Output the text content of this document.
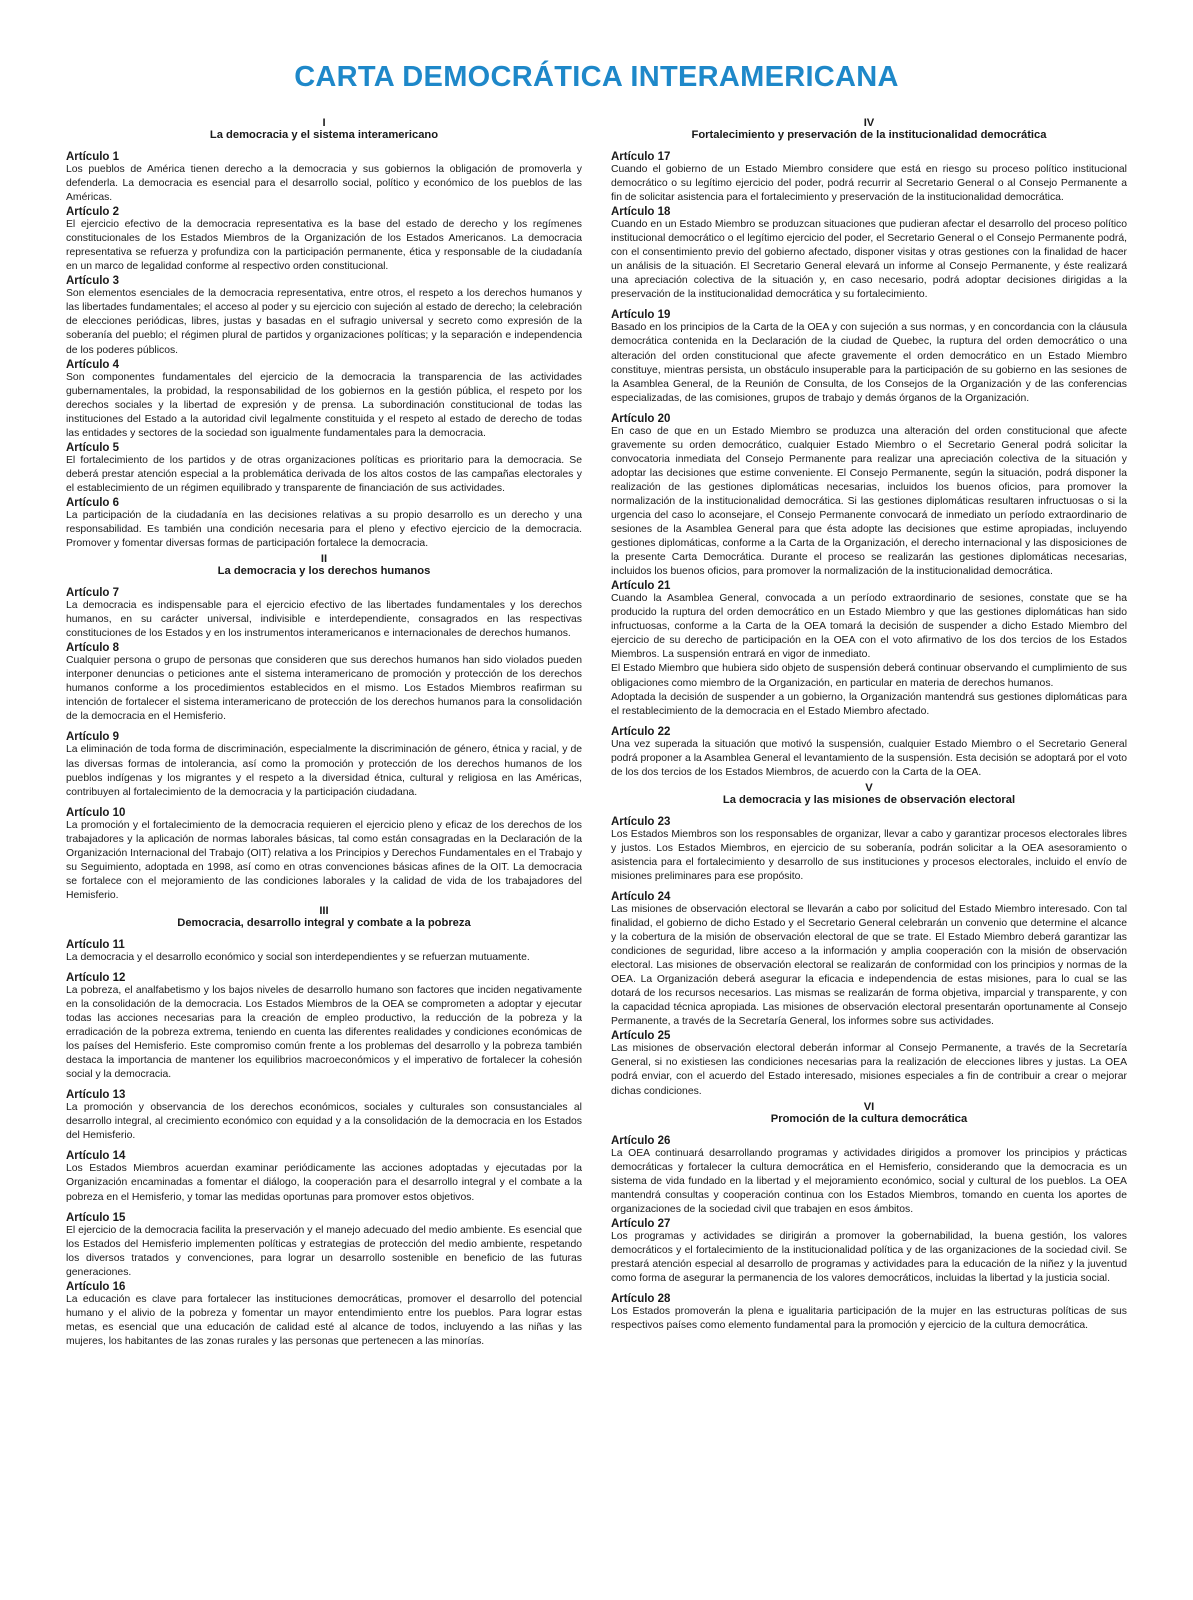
CARTA DEMOCRÁTICA INTERAMERICANA
I
La democracia y el sistema interamericano
Artículo 1

Los pueblos de América tienen derecho a la democracia y sus gobiernos la obligación de promoverla y defenderla. La democracia es esencial para el desarrollo social, político y económico de los pueblos de las Américas.

Artículo 2

El ejercicio efectivo de la democracia representativa es la base del estado de derecho y los regímenes constitucionales de los Estados Miembros de la Organización de los Estados Americanos. La democracia representativa se refuerza y profundiza con la participación permanente, ética y responsable de la ciudadanía en un marco de legalidad conforme al respectivo orden constitucional.

Artículo 3

Son elementos esenciales de la democracia representativa, entre otros, el respeto a los derechos humanos y las libertades fundamentales; el acceso al poder y su ejercicio con sujeción al estado de derecho; la celebración de elecciones periódicas, libres, justas y basadas en el sufragio universal y secreto como expresión de la soberanía del pueblo; el régimen plural de partidos y organizaciones políticas; y la separación e independencia de los poderes públicos.

Artículo 4

Son componentes fundamentales del ejercicio de la democracia la transparencia de las actividades gubernamentales, la probidad, la responsabilidad de los gobiernos en la gestión pública, el respeto por los derechos sociales y la libertad de expresión y de prensa. La subordinación constitucional de todas las instituciones del Estado a la autoridad civil legalmente constituida y el respeto al estado de derecho de todas las entidades y sectores de la sociedad son igualmente fundamentales para la democracia.

Artículo 5

El fortalecimiento de los partidos y de otras organizaciones políticas es prioritario para la democracia. Se deberá prestar atención especial a la problemática derivada de los altos costos de las campañas electorales y el establecimiento de un régimen equilibrado y transparente de financiación de sus actividades.

Artículo 6

La participación de la ciudadanía en las decisiones relativas a su propio desarrollo es un derecho y una responsabilidad. Es también una condición necesaria para el pleno y efectivo ejercicio de la democracia. Promover y fomentar diversas formas de participación fortalece la democracia.

II
La democracia y los derechos humanos
Artículo 7

La democracia es indispensable para el ejercicio efectivo de las libertades fundamentales y los derechos humanos, en su carácter universal, indivisible e interdependiente, consagrados en las respectivas constituciones de los Estados y en los instrumentos interamericanos e internacionales de derechos humanos.

Artículo 8

Cualquier persona o grupo de personas que consideren que sus derechos humanos han sido violados pueden interponer denuncias o peticiones ante el sistema interamericano de promoción y protección de los derechos humanos conforme a los procedimientos establecidos en el mismo. Los Estados Miembros reafirman su intención de fortalecer el sistema interamericano de protección de los derechos humanos para la consolidación de la democracia en el Hemisferio.

Artículo 9

La eliminación de toda forma de discriminación, especialmente la discriminación de género, étnica y racial, y de las diversas formas de intolerancia, así como la promoción y protección de los derechos humanos de los pueblos indígenas y los migrantes y el respeto a la diversidad étnica, cultural y religiosa en las Américas, contribuyen al fortalecimiento de la democracia y la participación ciudadana.

Artículo 10

La promoción y el fortalecimiento de la democracia requieren el ejercicio pleno y eficaz de los derechos de los trabajadores y la aplicación de normas laborales básicas, tal como están consagradas en la Declaración de la Organización Internacional del Trabajo (OIT) relativa a los Principios y Derechos Fundamentales en el Trabajo y su Seguimiento, adoptada en 1998, así como en otras convenciones básicas afines de la OIT. La democracia se fortalece con el mejoramiento de las condiciones laborales y la calidad de vida de los trabajadores del Hemisferio.

III
Democracia, desarrollo integral y combate a la pobreza
Artículo 11

La democracia y el desarrollo económico y social son interdependientes y se refuerzan mutuamente.

Artículo 12

La pobreza, el analfabetismo y los bajos niveles de desarrollo humano son factores que inciden negativamente en la consolidación de la democracia. Los Estados Miembros de la OEA se comprometen a adoptar y ejecutar todas las acciones necesarias para la creación de empleo productivo, la reducción de la pobreza y la erradicación de la pobreza extrema, teniendo en cuenta las diferentes realidades y condiciones económicas de los países del Hemisferio. Este compromiso común frente a los problemas del desarrollo y la pobreza también destaca la importancia de mantener los equilibrios macroeconómicos y el imperativo de fortalecer la cohesión social y la democracia.

Artículo 13

La promoción y observancia de los derechos económicos, sociales y culturales son consustanciales al desarrollo integral, al crecimiento económico con equidad y a la consolidación de la democracia en los Estados del Hemisferio.

Artículo 14

Los Estados Miembros acuerdan examinar periódicamente las acciones adoptadas y ejecutadas por la Organización encaminadas a fomentar el diálogo, la cooperación para el desarrollo integral y el combate a la pobreza en el Hemisferio, y tomar las medidas oportunas para promover estos objetivos.

Artículo 15

El ejercicio de la democracia facilita la preservación y el manejo adecuado del medio ambiente. Es esencial que los Estados del Hemisferio implementen políticas y estrategias de protección del medio ambiente, respetando los diversos tratados y convenciones, para lograr un desarrollo sostenible en beneficio de las futuras generaciones.

Artículo 16

La educación es clave para fortalecer las instituciones democráticas, promover el desarrollo del potencial humano y el alivio de la pobreza y fomentar un mayor entendimiento entre los pueblos. Para lograr estas metas, es esencial que una educación de calidad esté al alcance de todos, incluyendo a las niñas y las mujeres, los habitantes de las zonas rurales y las personas que pertenecen a las minorías.

IV
Fortalecimiento y preservación de la institucionalidad democrática
Artículo 17

Cuando el gobierno de un Estado Miembro considere que está en riesgo su proceso político institucional democrático o su legítimo ejercicio del poder, podrá recurrir al Secretario General o al Consejo Permanente a fin de solicitar asistencia para el fortalecimiento y preservación de la institucionalidad democrática.

Artículo 18

Cuando en un Estado Miembro se produzcan situaciones que pudieran afectar el desarrollo del proceso político institucional democrático o el legítimo ejercicio del poder, el Secretario General o el Consejo Permanente podrá, con el consentimiento previo del gobierno afectado, disponer visitas y otras gestiones con la finalidad de hacer un análisis de la situación. El Secretario General elevará un informe al Consejo Permanente, y éste realizará una apreciación colectiva de la situación y, en caso necesario, podrá adoptar decisiones dirigidas a la preservación de la institucionalidad democrática y su fortalecimiento.

Artículo 19

Basado en los principios de la Carta de la OEA y con sujeción a sus normas, y en concordancia con la cláusula democrática contenida en la Declaración de la ciudad de Quebec, la ruptura del orden democrático o una alteración del orden constitucional que afecte gravemente el orden democrático en un Estado Miembro constituye, mientras persista, un obstáculo insuperable para la participación de su gobierno en las sesiones de la Asamblea General, de la Reunión de Consulta, de los Consejos de la Organización y de las conferencias especializadas, de las comisiones, grupos de trabajo y demás órganos de la Organización.

Artículo 20

En caso de que en un Estado Miembro se produzca una alteración del orden constitucional que afecte gravemente su orden democrático, cualquier Estado Miembro o el Secretario General podrá solicitar la convocatoria inmediata del Consejo Permanente para realizar una apreciación colectiva de la situación y adoptar las decisiones que estime conveniente. El Consejo Permanente, según la situación, podrá disponer la realización de las gestiones diplomáticas necesarias, incluidos los buenos oficios, para promover la normalización de la institucionalidad democrática. Si las gestiones diplomáticas resultaren infructuosas o si la urgencia del caso lo aconsejare, el Consejo Permanente convocará de inmediato un período extraordinario de sesiones de la Asamblea General para que ésta adopte las decisiones que estime apropiadas, incluyendo gestiones diplomáticas, conforme a la Carta de la Organización, el derecho internacional y las disposiciones de la presente Carta Democrática. Durante el proceso se realizarán las gestiones diplomáticas necesarias, incluidos los buenos oficios, para promover la normalización de la institucionalidad democrática.

Artículo 21

Cuando la Asamblea General, convocada a un período extraordinario de sesiones, constate que se ha producido la ruptura del orden democrático en un Estado Miembro y que las gestiones diplomáticas han sido infructuosas, conforme a la Carta de la OEA tomará la decisión de suspender a dicho Estado Miembro del ejercicio de su derecho de participación en la OEA con el voto afirmativo de los dos tercios de los Estados Miembros. La suspensión entrará en vigor de inmediato.

El Estado Miembro que hubiera sido objeto de suspensión deberá continuar observando el cumplimiento de sus obligaciones como miembro de la Organización, en particular en materia de derechos humanos.

Adoptada la decisión de suspender a un gobierno, la Organización mantendrá sus gestiones diplomáticas para el restablecimiento de la democracia en el Estado Miembro afectado.

Artículo 22

Una vez superada la situación que motivó la suspensión, cualquier Estado Miembro o el Secretario General podrá proponer a la Asamblea General el levantamiento de la suspensión. Esta decisión se adoptará por el voto de los dos tercios de los Estados Miembros, de acuerdo con la Carta de la OEA.

V
La democracia y las misiones de observación electoral
Artículo 23

Los Estados Miembros son los responsables de organizar, llevar a cabo y garantizar procesos electorales libres y justos. Los Estados Miembros, en ejercicio de su soberanía, podrán solicitar a la OEA asesoramiento o asistencia para el fortalecimiento y desarrollo de sus instituciones y procesos electorales, incluido el envío de misiones preliminares para ese propósito.

Artículo 24

Las misiones de observación electoral se llevarán a cabo por solicitud del Estado Miembro interesado. Con tal finalidad, el gobierno de dicho Estado y el Secretario General celebrarán un convenio que determine el alcance y la cobertura de la misión de observación electoral de que se trate. El Estado Miembro deberá garantizar las condiciones de seguridad, libre acceso a la información y amplia cooperación con la misión de observación electoral. Las misiones de observación electoral se realizarán de conformidad con los principios y normas de la OEA. La Organización deberá asegurar la eficacia e independencia de estas misiones, para lo cual se las dotará de los recursos necesarios. Las mismas se realizarán de forma objetiva, imparcial y transparente, y con la capacidad técnica apropiada. Las misiones de observación electoral presentarán oportunamente al Consejo Permanente, a través de la Secretaría General, los informes sobre sus actividades.

Artículo 25

Las misiones de observación electoral deberán informar al Consejo Permanente, a través de la Secretaría General, si no existiesen las condiciones necesarias para la realización de elecciones libres y justas. La OEA podrá enviar, con el acuerdo del Estado interesado, misiones especiales a fin de contribuir a crear o mejorar dichas condiciones.

VI
Promoción de la cultura democrática
Artículo 26

La OEA continuará desarrollando programas y actividades dirigidos a promover los principios y prácticas democráticas y fortalecer la cultura democrática en el Hemisferio, considerando que la democracia es un sistema de vida fundado en la libertad y el mejoramiento económico, social y cultural de los pueblos. La OEA mantendrá consultas y cooperación continua con los Estados Miembros, tomando en cuenta los aportes de organizaciones de la sociedad civil que trabajen en esos ámbitos.

Artículo 27

Los programas y actividades se dirigirán a promover la gobernabilidad, la buena gestión, los valores democráticos y el fortalecimiento de la institucionalidad política y de las organizaciones de la sociedad civil. Se prestará atención especial al desarrollo de programas y actividades para la educación de la niñez y la juventud como forma de asegurar la permanencia de los valores democráticos, incluidas la libertad y la justicia social.

Artículo 28

Los Estados promoverán la plena e igualitaria participación de la mujer en las estructuras políticas de sus respectivos países como elemento fundamental para la promoción y ejercicio de la cultura democrática.
